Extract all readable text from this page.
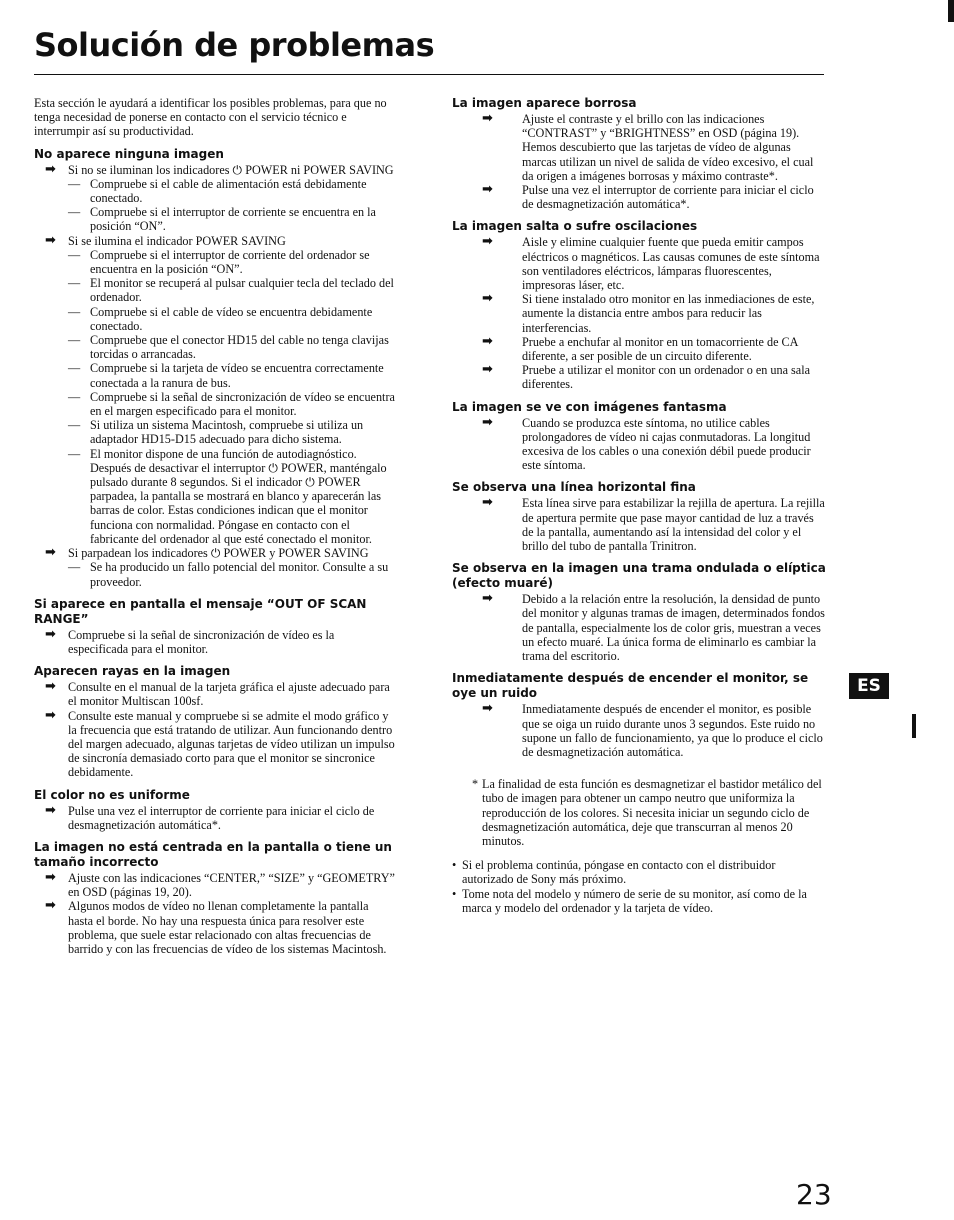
Solución de problemas

Esta sección le ayudará a identificar los posibles problemas, para que no tenga necesidad de ponerse en contacto con el servicio técnico e interrumpir así su productividad.

No aparece ninguna imagen

➡ Si no se iluminan los indicadores ⏻ POWER ni POWER SAVING

— Compruebe si el cable de alimentación está debidamente conectado.

— Compruebe si el interruptor de corriente se encuentra en la posición “ON”.

➡ Si se ilumina el indicador POWER SAVING

— Compruebe si el interruptor de corriente del ordenador se encuentra en la posición “ON”.

— El monitor se recuperá al pulsar cualquier tecla del teclado del ordenador.

— Compruebe si el cable de vídeo se encuentra debidamente conectado.

— Compruebe que el conector HD15 del cable no tenga clavijas torcidas o arrancadas.

— Compruebe si la tarjeta de vídeo se encuentra correctamente conectada a la ranura de bus.

— Compruebe si la señal de sincronización de vídeo se encuentra en el margen especificado para el monitor.

— Si utiliza un sistema Macintosh, compruebe si utiliza un adaptador HD15-D15 adecuado para dicho sistema.

— El monitor dispone de una función de autodiagnóstico. Después de desactivar el interruptor ⏻ POWER, manténgalo pulsado durante 8 segundos. Si el indicador ⏻ POWER parpadea, la pantalla se mostrará en blanco y aparecerán las barras de color. Estas condiciones indican que el monitor funciona con normalidad. Póngase en contacto con el fabricante del ordenador al que esté conectado el monitor.

➡ Si parpadean los indicadores ⏻ POWER y POWER SAVING

— Se ha producido un fallo potencial del monitor. Consulte a su proveedor.

Si aparece en pantalla el mensaje “OUT OF SCAN RANGE”

➡ Compruebe si la señal de sincronización de vídeo es la especificada para el monitor.

Aparecen rayas en la imagen

➡ Consulte en el manual de la tarjeta gráfica el ajuste adecuado para el monitor Multiscan 100sf.

➡ Consulte este manual y compruebe si se admite el modo gráfico y la frecuencia que está tratando de utilizar. Aun funcionando dentro del margen adecuado, algunas tarjetas de vídeo utilizan un impulso de sincronía demasiado corto para que el monitor se sincronice debidamente.

El color no es uniforme

➡ Pulse una vez el interruptor de corriente para iniciar el ciclo de desmagnetización automática*.

La imagen no está centrada en la pantalla o tiene un tamaño incorrecto

➡ Ajuste con las indicaciones “CENTER,” “SIZE” y “GEOMETRY” en OSD (páginas 19, 20).

➡ Algunos modos de vídeo no llenan completamente la pantalla hasta el borde. No hay una respuesta única para resolver este problema, que suele estar relacionado con altas frecuencias de barrido y con las frecuencias de vídeo de los sistemas Macintosh.

La imagen aparece borrosa

➡ Ajuste el contraste y el brillo con las indicaciones “CONTRAST” y “BRIGHTNESS” en OSD (página 19). Hemos descubierto que las tarjetas de vídeo de algunas marcas utilizan un nivel de salida de vídeo excesivo, el cual da origen a imágenes borrosas y máximo contraste*.

➡ Pulse una vez el interruptor de corriente para iniciar el ciclo de desmagnetización automática*.

La imagen salta o sufre oscilaciones

➡ Aisle y elimine cualquier fuente que pueda emitir campos eléctricos o magnéticos. Las causas comunes de este síntoma son ventiladores eléctricos, lámparas fluorescentes, impresoras láser, etc.

➡ Si tiene instalado otro monitor en las inmediaciones de este, aumente la distancia entre ambos para reducir las interferencias.

➡ Pruebe a enchufar al monitor en un tomacorriente de CA diferente, a ser posible de un circuito diferente.

➡ Pruebe a utilizar el monitor con un ordenador o en una sala diferentes.

La imagen se ve con imágenes fantasma

➡ Cuando se produzca este síntoma, no utilice cables prolongadores de vídeo ni cajas conmutadoras. La longitud excesiva de los cables o una conexión débil puede producir este síntoma.

Se observa una línea horizontal fina

➡ Esta línea sirve para estabilizar la rejilla de apertura. La rejilla de apertura permite que pase mayor cantidad de luz a través de la pantalla, aumentando así la intensidad del color y el brillo del tubo de pantalla Trinitron.

Se observa en la imagen una trama ondulada o elíptica (efecto muaré)

➡ Debido a la relación entre la resolución, la densidad de punto del monitor y algunas tramas de imagen, determinados fondos de pantalla, especialmente los de color gris, muestran a veces un efecto muaré. La única forma de eliminarlo es cambiar la trama del escritorio.

Inmediatamente después de encender el monitor, se oye un ruido

➡ Inmediatamente después de encender el monitor, es posible que se oiga un ruido durante unos 3 segundos. Este ruido no supone un fallo de funcionamiento, ya que lo produce el ciclo de desmagnetización automática.

* La finalidad de esta función es desmagnetizar el bastidor metálico del tubo de imagen para obtener un campo neutro que uniformiza la reproducción de los colores. Si necesita iniciar un segundo ciclo de desmagnetización automática, deje que transcurran al menos 20 minutos.

• Si el problema continúa, póngase en contacto con el distribuidor autorizado de Sony más próximo.

• Tome nota del modelo y número de serie de su monitor, así como de la marca y modelo del ordenador y la tarjeta de vídeo.

ES
23
